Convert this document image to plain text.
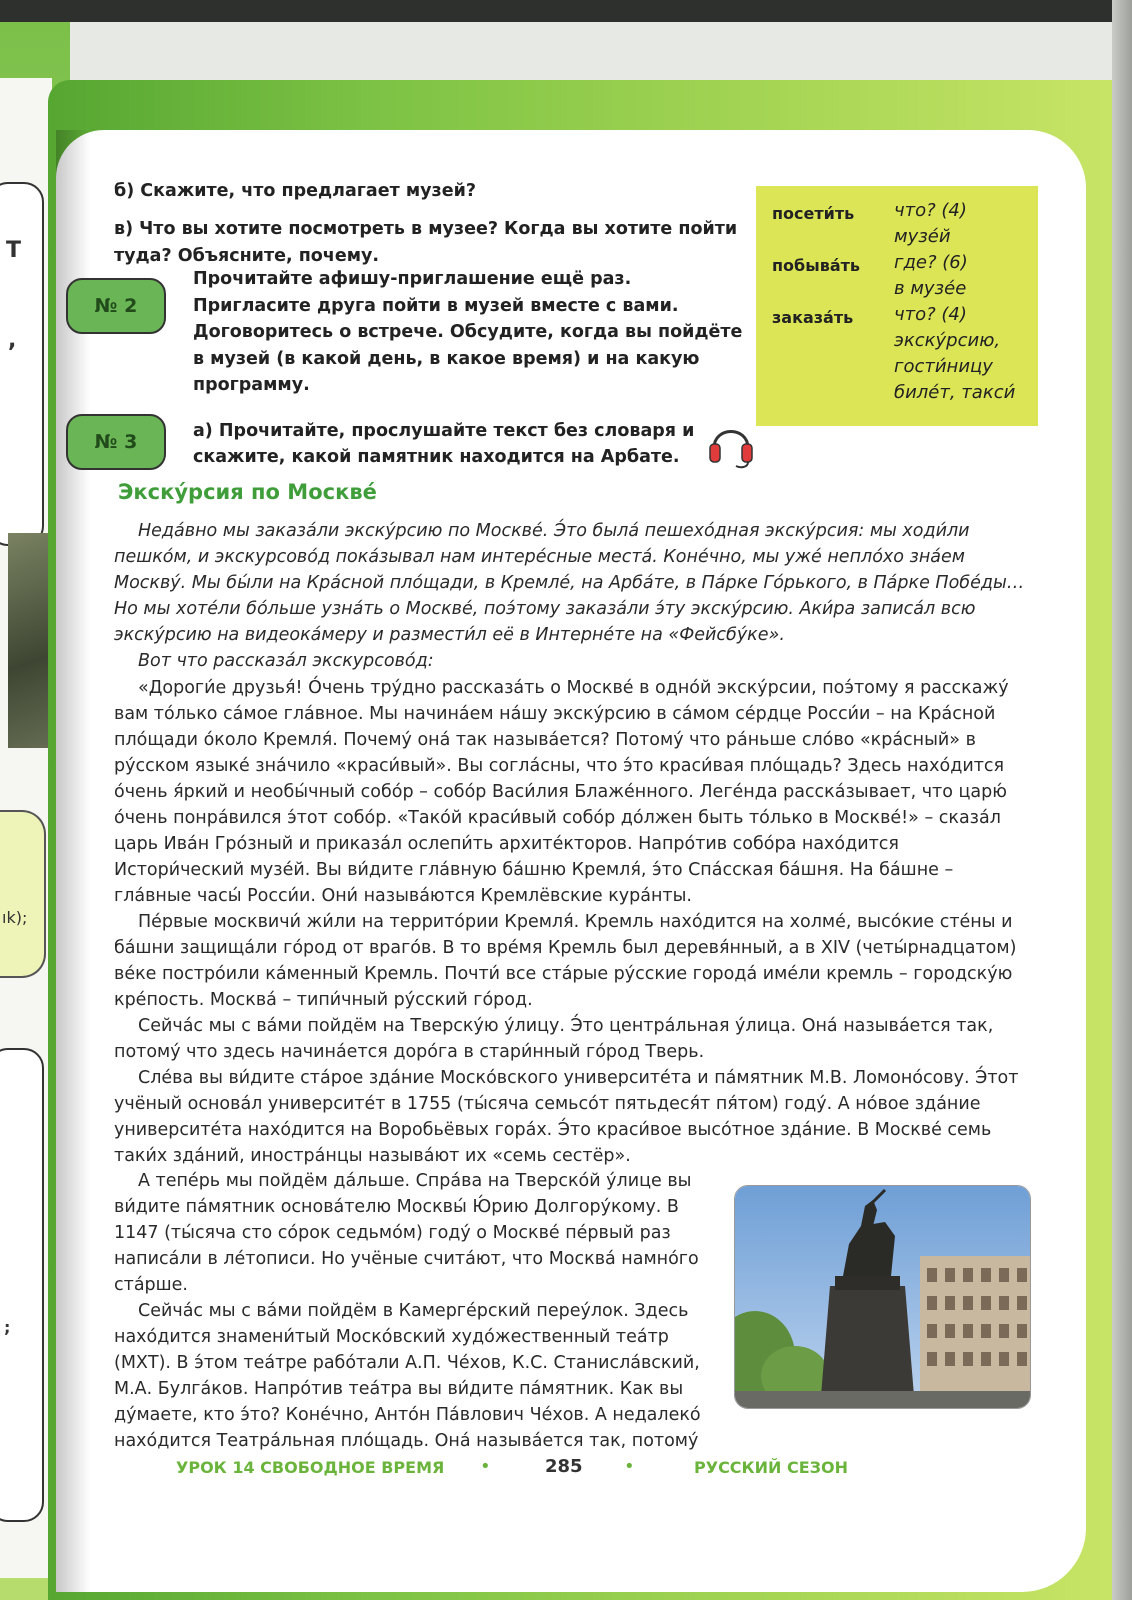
T
,
ık);
;
б) Скажите, что предлагает музей?
в) Что вы хотите посмотреть в музее? Когда вы хотите пойти туда? Объясните, почему.
№ 2
Прочитайте афишу-приглашение ещё раз. Пригласите друга пойти в музей вместе с вами. Договоритесь о встрече. Обсудите, когда вы пойдёте в музей (в какой день, в какое время) и на какую программу.
посети́ть что? (4)
музе́й
побыва́ть где? (6)
в музе́е
заказа́ть что? (4)
экску́рсию, гости́ницу биле́т, такси́
№ 3	а) Прочитайте, прослушайте текст без словаря и скажите, какой памятник находится на Арбате.
Экску́рсия по Москве́

Неда́вно мы заказа́ли экску́рсию по Москве́. Э́то была́ пешехо́дная экску́рсия: мы ходи́ли пешко́м, и экскурсово́д пока́зывал нам интере́сные места́. Коне́чно, мы уже́ непло́хо зна́ем Москву́. Мы бы́ли на Кра́сной пло́щади, в Кремле́, на Арба́те, в Па́рке Го́рького, в Па́рке Побе́ды… Но мы хоте́ли бо́льше узна́ть о Москве́, поэ́тому заказа́ли э́ту экску́рсию. Аки́ра записа́л всю экску́рсию на видеока́меру и размести́л её в Интерне́те на «Фейсбу́ке».

Вот что рассказа́л экскурсово́д:

«Дороги́е друзья́! О́чень тру́дно рассказа́ть о Москве́ в одно́й экску́рсии, поэ́тому я расскажу́ вам то́лько са́мое гла́вное. Мы начина́ем на́шу экску́рсию в са́мом се́рдце Росси́и – на Кра́сной пло́щади о́коло Кремля́. Почему́ она́ так называ́ется? Потому́ что ра́ньше сло́во «кра́сный» в ру́сском языке́ зна́чило «краси́вый». Вы согла́сны, что э́то краси́вая пло́щадь? Здесь нахо́дится о́чень я́ркий и необы́чный собо́р – собо́р Васи́лия Блаже́нного. Леге́нда расска́зывает, что царю́ о́чень понра́вился э́тот собо́р. «Тако́й краси́вый собо́р до́лжен быть то́лько в Москве́!» – сказа́л царь Ива́н Гро́зный и приказа́л ослепи́ть архите́кторов. Напро́тив собо́ра нахо́дится Истори́ческий музе́й. Вы ви́дите гла́вную ба́шню Кремля́, э́то Спа́сская ба́шня. На ба́шне – гла́вные часы́ Росси́и. Они́ называ́ются Кремлёвские кура́нты.

Пе́рвые москвичи́ жи́ли на террито́рии Кремля́. Кремль нахо́дится на холме́, высо́кие сте́ны и ба́шни защища́ли го́род от враго́в. В то вре́мя Кремль был деревя́нный, а в XIV (четы́рнадцатом) ве́ке постро́или ка́менный Кремль. Почти́ все ста́рые ру́сские города́ име́ли кремль – городску́ю кре́пость. Москва́ – типи́чный ру́сский го́род.

Сейча́с мы с ва́ми пойдём на Тверску́ю у́лицу. Э́то центра́льная у́лица. Она́ называ́ется так, потому́ что здесь начина́ется доро́га в стари́нный го́род Тверь.

Сле́ва вы ви́дите ста́рое зда́ние Моско́вского университе́та и па́мятник М.В. Ломоно́сову. Э́тот учёный основа́л университе́т в 1755 (ты́сяча семьсо́т пятьдеся́т пя́том) году́. А но́вое зда́ние университе́та нахо́дится на Воробьёвых гора́х. Э́то краси́вое высо́тное зда́ние. В Москве́ семь таки́х зда́ний, иностра́нцы называ́ют их «семь сестёр».

А тепе́рь мы пойдём да́льше. Спра́ва на Тверско́й у́лице вы ви́дите па́мятник основа́телю Москвы́ Ю́рию Долгору́кому. В 1147 (ты́сяча сто со́рок седьмо́м) году́ о Москве́ пе́рвый раз написа́ли в ле́тописи. Но учёные счита́ют, что Москва́ намно́го ста́рше.

Сейча́с мы с ва́ми пойдём в Камерге́рский переу́лок. Здесь нахо́дится знамени́тый Моско́вский худо́жественный теа́тр (МХТ). В э́том теа́тре рабо́тали А.П. Че́хов, К.С. Станисла́вский, М.А. Булга́ков. Напро́тив теа́тра вы ви́дите па́мятник. Как вы ду́маете, кто э́то? Коне́чно, Анто́н Па́влович Че́хов. А недалеко́ нахо́дится Театра́льная пло́щадь. Она́ называ́ется так, потому́

УРОК 14 СВОБОДНОЕ ВРЕМЯ •	285 •	РУССКИЙ СЕЗОН
